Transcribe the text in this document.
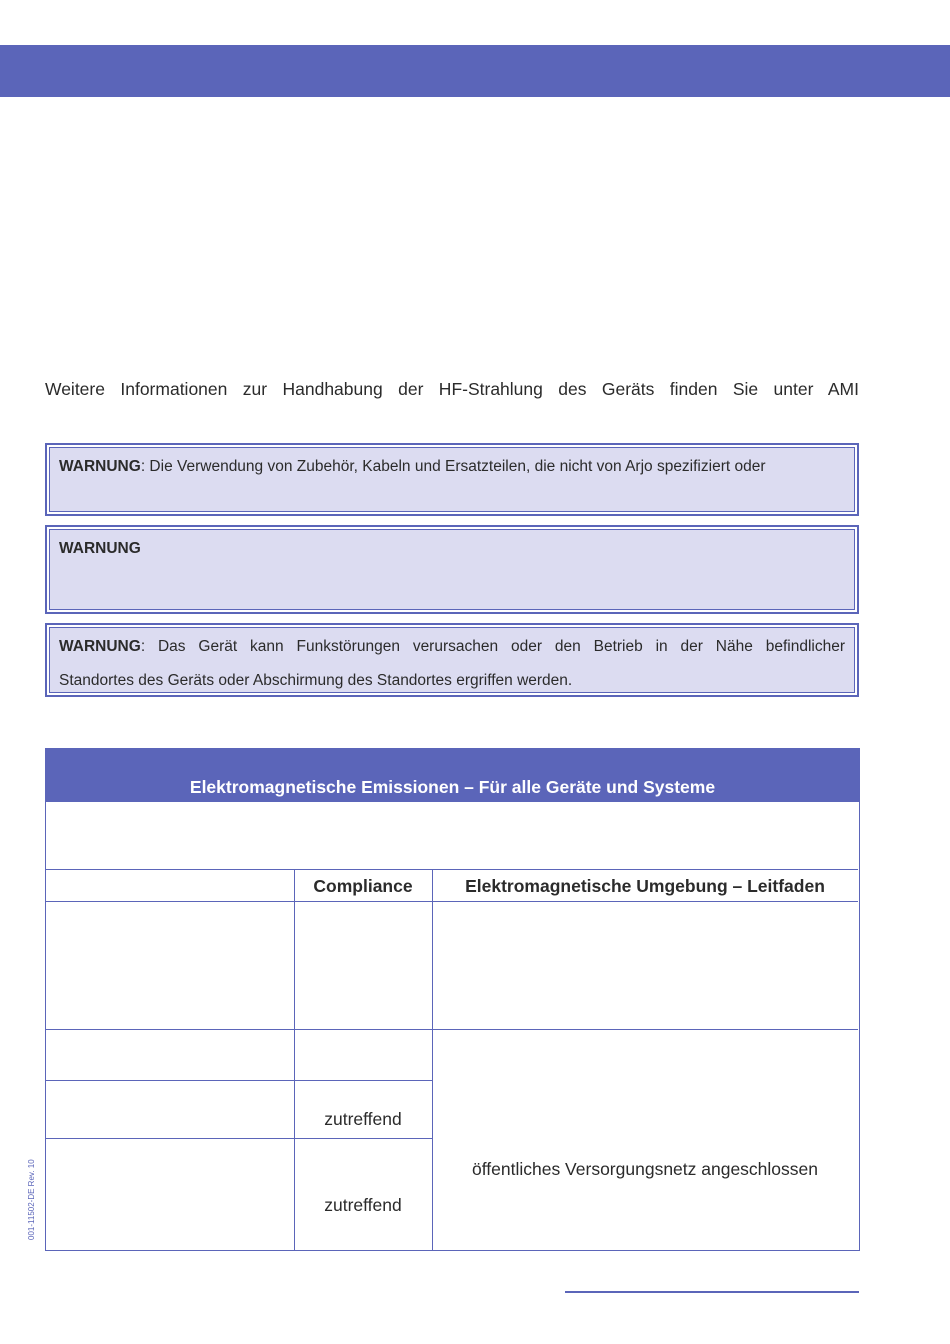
Weitere Informationen zur Handhabung der HF-Strahlung des Geräts finden Sie unter AMI
WARNUNG: Die Verwendung von Zubehör, Kabeln und Ersatzteilen, die nicht von Arjo spezifiziert oder
WARNUNG
WARNUNG: Das Gerät kann Funkstörungen verursachen oder den Betrieb in der Nähe befindlicher
Standortes des Geräts oder Abschirmung des Standortes ergriffen werden.
Elektromagnetische Emissionen – Für alle Geräte und Systeme
Compliance	Elektromagnetische Umgebung – Leitfaden
zutreffend
zutreffend
öffentliches Versorgungsnetz angeschlossen
001-11502-DE Rev. 10
